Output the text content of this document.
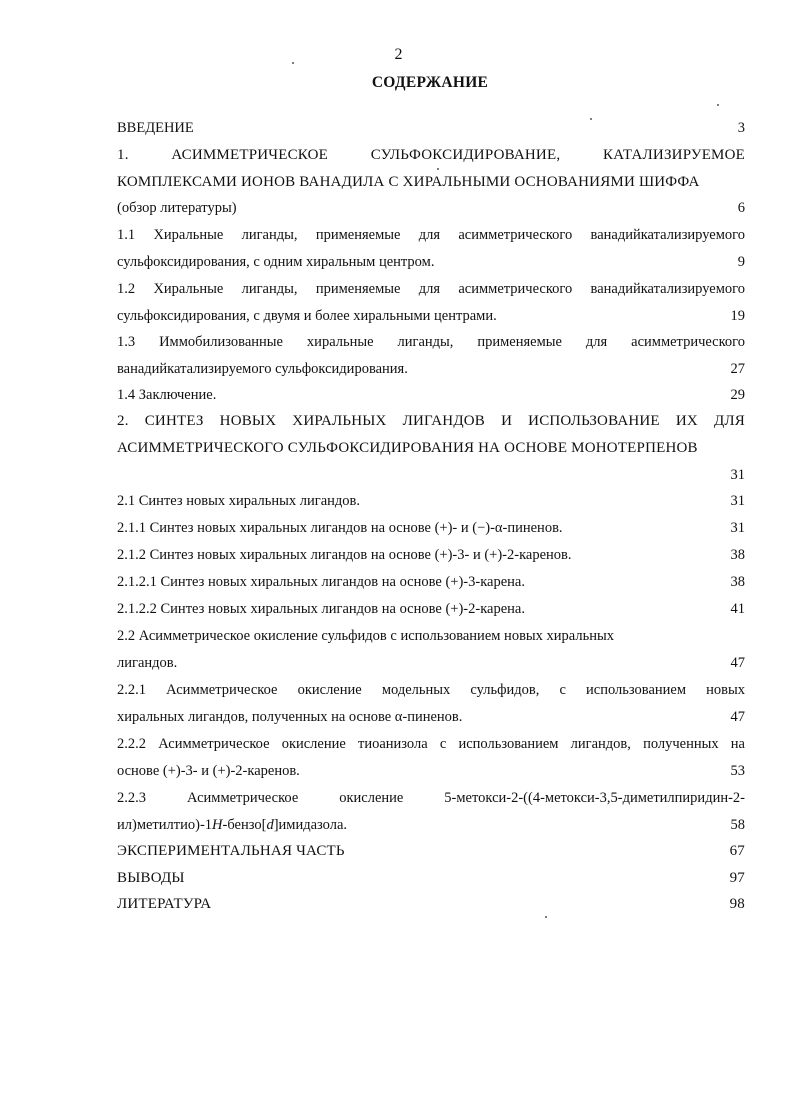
2
СОДЕРЖАНИЕ
ВВЕДЕНИЕ	3
1. АСИММЕТРИЧЕСКОЕ СУЛЬФОКСИДИРОВАНИЕ, КАТАЛИЗИРУЕМОЕ
КОМПЛЕКСАМИ ИОНОВ ВАНАДИЛА С ХИРАЛЬНЫМИ ОСНОВАНИЯМИ ШИФФА
(обзор литературы)	6
1.1 Хиральные лиганды, применяемые для асимметрического ванадийкатализируемого
сульфоксидирования, с одним хиральным центром.	9
1.2 Хиральные лиганды, применяемые для асимметрического ванадийкатализируемого
сульфоксидирования, с двумя и более хиральными центрами.	19
1.3 Иммобилизованные хиральные лиганды, применяемые для асимметрического
ванадийкатализируемого сульфоксидирования.	27
1.4 Заключение.	29
2. СИНТЕЗ НОВЫХ ХИРАЛЬНЫХ ЛИГАНДОВ И ИСПОЛЬЗОВАНИЕ ИХ ДЛЯ
АСИММЕТРИЧЕСКОГО СУЛЬФОКСИДИРОВАНИЯ НА ОСНОВЕ МОНОТЕРПЕНОВ
31
2.1 Синтез новых хиральных лигандов.	31
2.1.1 Синтез новых хиральных лигандов на основе (+)- и (−)-α-пиненов.	31
2.1.2 Синтез новых хиральных лигандов на основе (+)-3- и (+)-2-каренов.	38
2.1.2.1 Синтез новых хиральных лигандов на основе (+)-3-карена.	38
2.1.2.2 Синтез новых хиральных лигандов на основе (+)-2-карена.	41
2.2 Асимметрическое окисление сульфидов с использованием новых хиральных
лигандов.	47
2.2.1 Асимметрическое окисление модельных сульфидов, с использованием новых
хиральных лигандов, полученных на основе α-пиненов.	47
2.2.2 Асимметрическое окисление тиоанизола с использованием лигандов, полученных на
основе (+)-3- и (+)-2-каренов.	53
2.2.3 Асимметрическое окисление 5-метокси-2-((4-метокси-3,5-диметилпиридин-2-
ил)метилтио)-1H-бензо[d]имидазола.	58
ЭКСПЕРИМЕНТАЛЬНАЯ ЧАСТЬ	67
ВЫВОДЫ	97
ЛИТЕРАТУРА	98
